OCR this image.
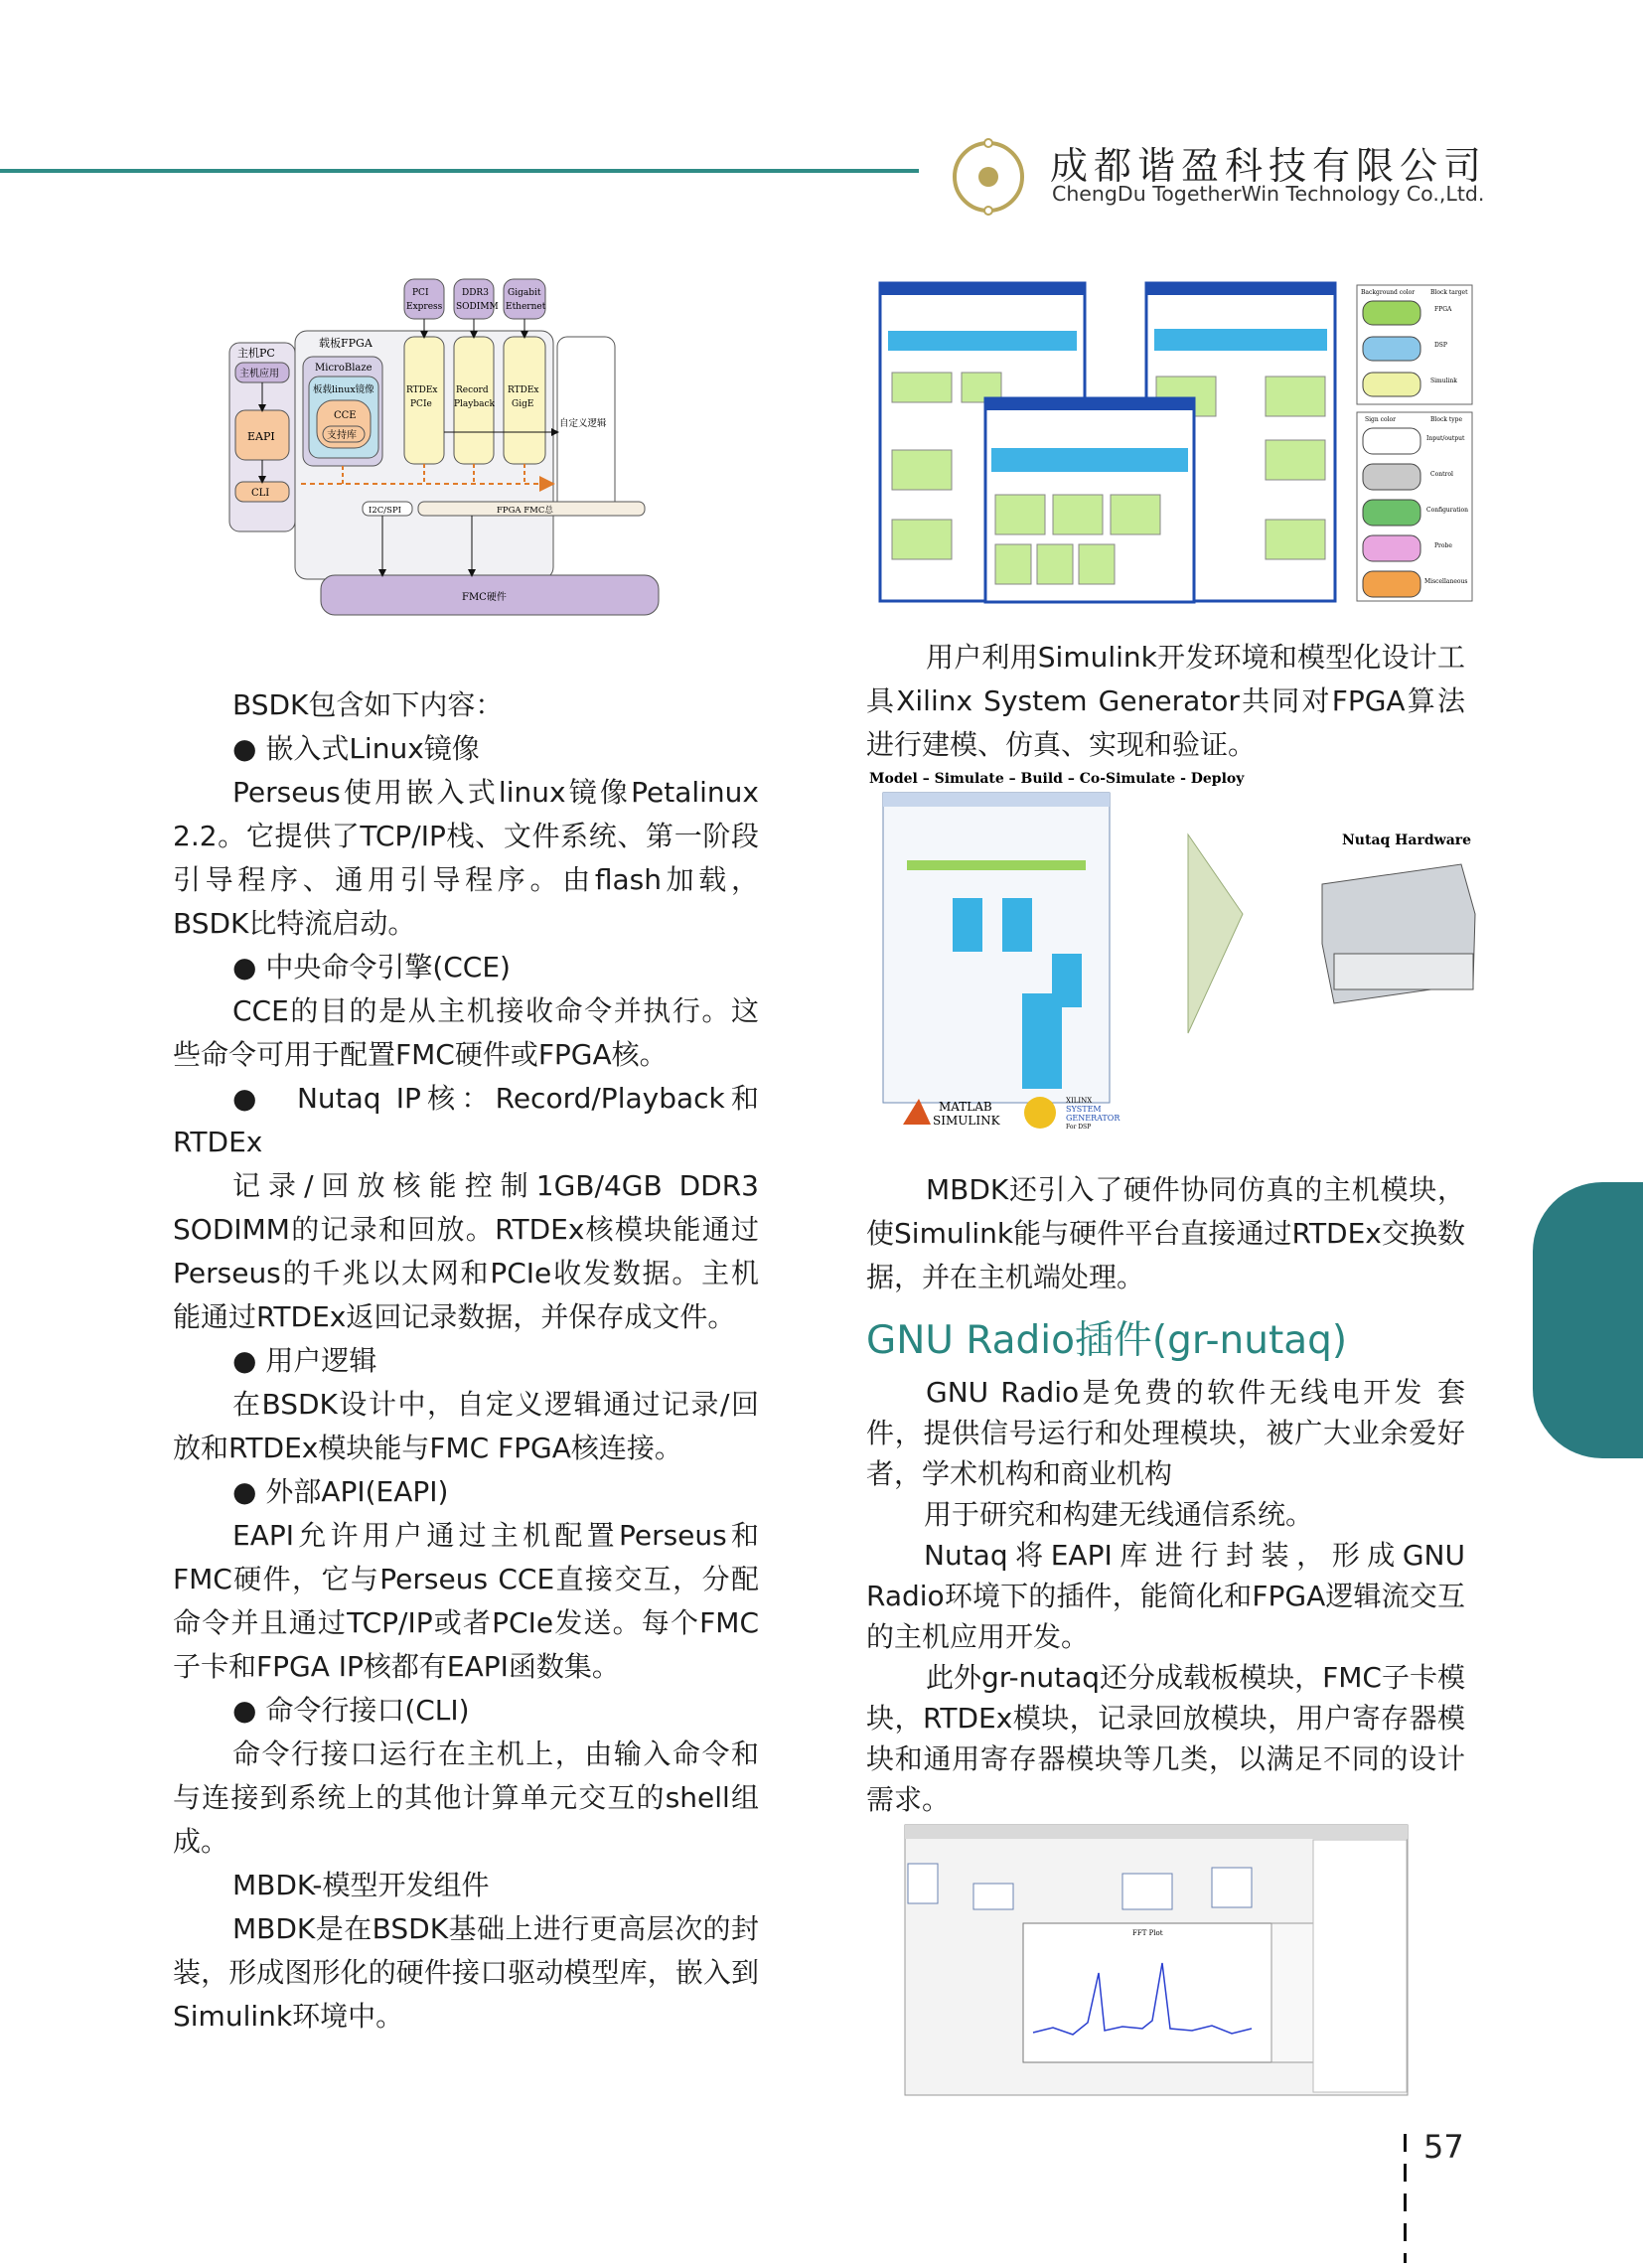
成都谐盈科技有限公司
ChengDu TogetherWin Technology Co.,Ltd.
主机PC
主机应用
EAPI
CLI
载板FPGA
MicroBlaze
板载linux镜像
CCE
支持库
PCI
Express
DDR3
SODIMM
Gigabit
Ethernet
RTDEx
PCIe
Record
Playback
RTDEx
GigE
自定义逻辑
I2C/SPI	FPGA FMC总
FMC硬件
Background color	Block target
FPGA
DSP
Simulink
Sign color	Block type
Input/output
Control
Configuration
Probe
Miscellaneous
Model – Simulate – Build – Co-Simulate - Deploy
Nutaq Hardware
MATLAB
SIMULINK
XILINX
SYSTEM
GENERATOR
For DSP
FFT Plot

BSDK包含如下内容：

● 嵌入式Linux镜像

Perseus使用嵌入式linux镜像Petalinux 2.2。它提供了TCP/IP栈、文件系统、第一阶段引导程序、通用引导程序。由flash加载，BSDK比特流启动。

● 中央命令引擎(CCE)

CCE的目的是从主机接收命令并执行。这些命令可用于配置FMC硬件或FPGA核。

●　Nutaq IP核：Record/Playback和RTDEx

记录/回放核能控制1GB/4GB DDR3 SODIMM的记录和回放。RTDEx核模块能通过Perseus的千兆以太网和PCIe收发数据。主机能通过RTDEx返回记录数据，并保存成文件。

● 用户逻辑

在BSDK设计中，自定义逻辑通过记录/回放和RTDEx模块能与FMC FPGA核连接。

● 外部API(EAPI)

EAPI允许用户通过主机配置Perseus和FMC硬件，它与Perseus CCE直接交互，分配命令并且通过TCP/IP或者PCIe发送。每个FMC子卡和FPGA IP核都有EAPI函数集。

● 命令行接口(CLI)

命令行接口运行在主机上，由输入命令和与连接到系统上的其他计算单元交互的shell组成。

MBDK-模型开发组件

MBDK是在BSDK基础上进行更高层次的封装，形成图形化的硬件接口驱动模型库，嵌入到Simulink环境中。

用户利用Simulink开发环境和模型化设计工具Xilinx System Generator共同对FPGA算法进行建模、仿真、实现和验证。

MBDK还引入了硬件协同仿真的主机模块，使Simulink能与硬件平台直接通过RTDEx交换数据，并在主机端处理。

GNU Radio插件(gr-nutaq)

GNU Radio是免费的软件无线电开发 套件，提供信号运行和处理模块，被广大业余爱好者，学术机构和商业机构

用于研究和构建无线通信系统。

Nutaq将EAPI库进行封装，形成GNU Radio环境下的插件，能简化和FPGA逻辑流交互的主机应用开发。

此外gr-nutaq还分成载板模块，FMC子卡模块，RTDEx模块，记录回放模块，用户寄存器模块和通用寄存器模块等几类，以满足不同的设计需求。

57
